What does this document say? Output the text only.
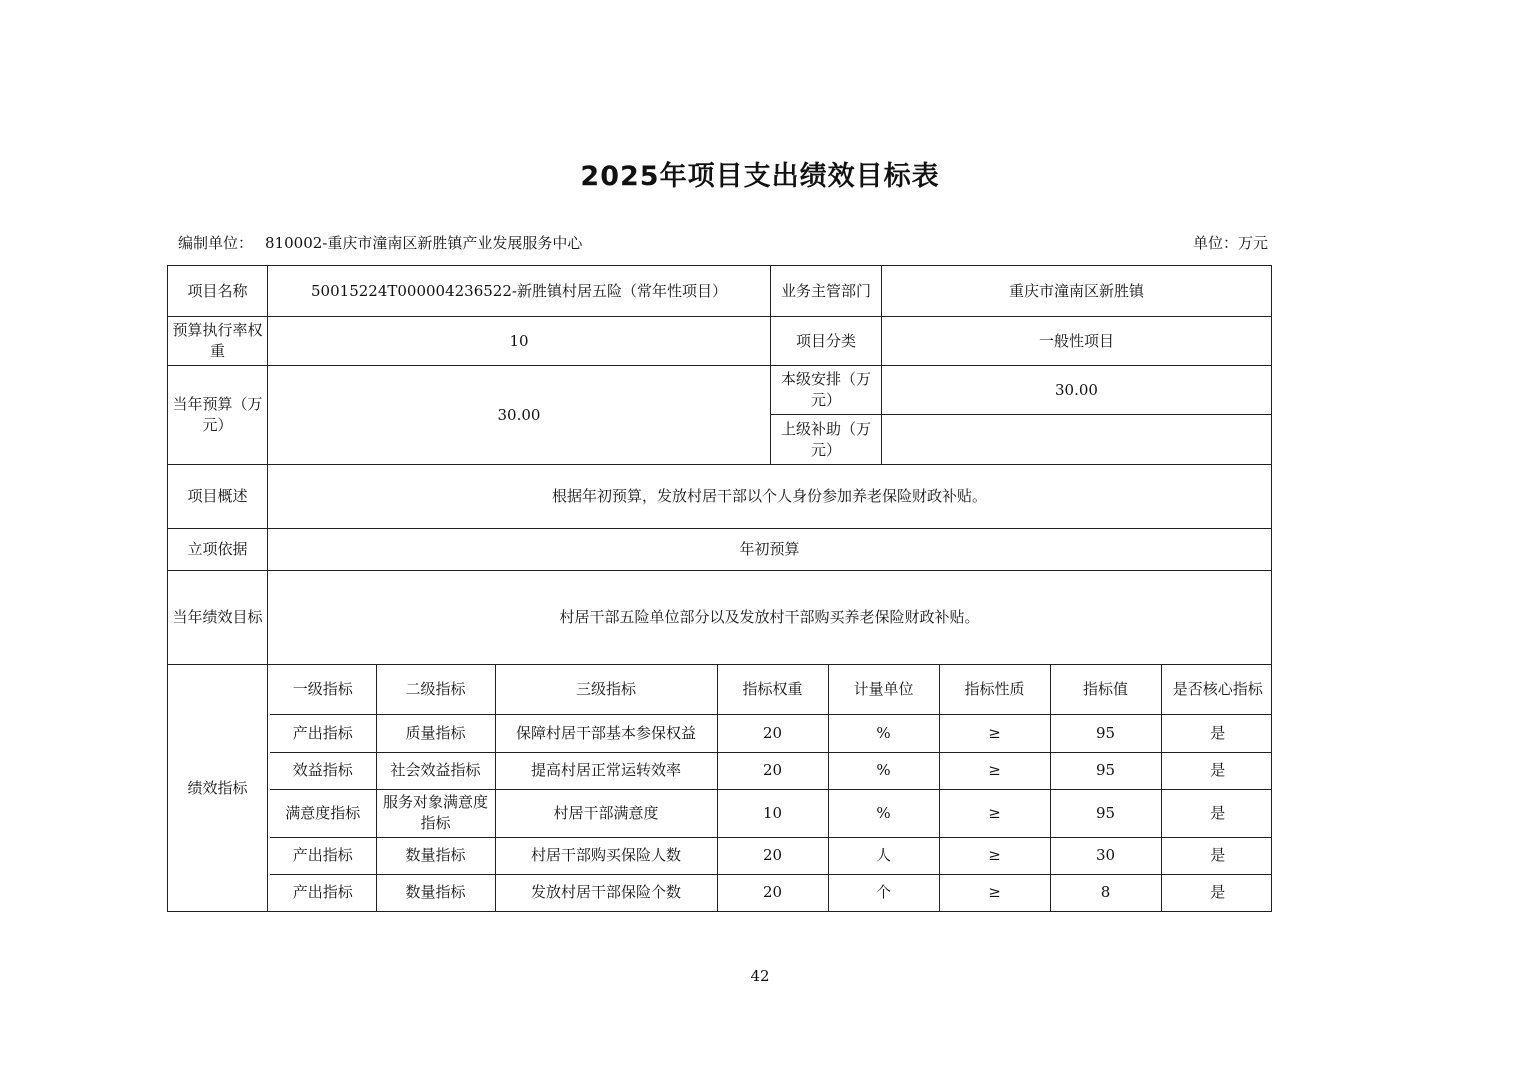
2025年项目支出绩效目标表
编制单位： 810002-重庆市潼南区新胜镇产业发展服务中心	单位：万元
项目名称	50015224T000004236522-新胜镇村居五险（常年性项目）	业务主管部门	重庆市潼南区新胜镇
预算执行率权重	10	项目分类	一般性项目
当年预算（万元）	30.00	本级安排（万元）	30.00
上级补助（万元）	
项目概述	根据年初预算，发放村居干部以个人身份参加养老保险财政补贴。
立项依据	年初预算
当年绩效目标	村居干部五险单位部分以及发放村干部购买养老保险财政补贴。
绩效指标	
一级指标	二级指标	三级指标	指标权重	计量单位	指标性质	指标值	是否核心指标
产出指标	质量指标	保障村居干部基本参保权益	20	%	≥	95	是
效益指标	社会效益指标	提高村居正常运转效率	20	%	≥	95	是
满意度指标	服务对象满意度指标	村居干部满意度	10	%	≥	95	是
产出指标	数量指标	村居干部购买保险人数	20	人	≥	30	是
产出指标	数量指标	发放村居干部保险个数	20	个	≥	8	是
42
